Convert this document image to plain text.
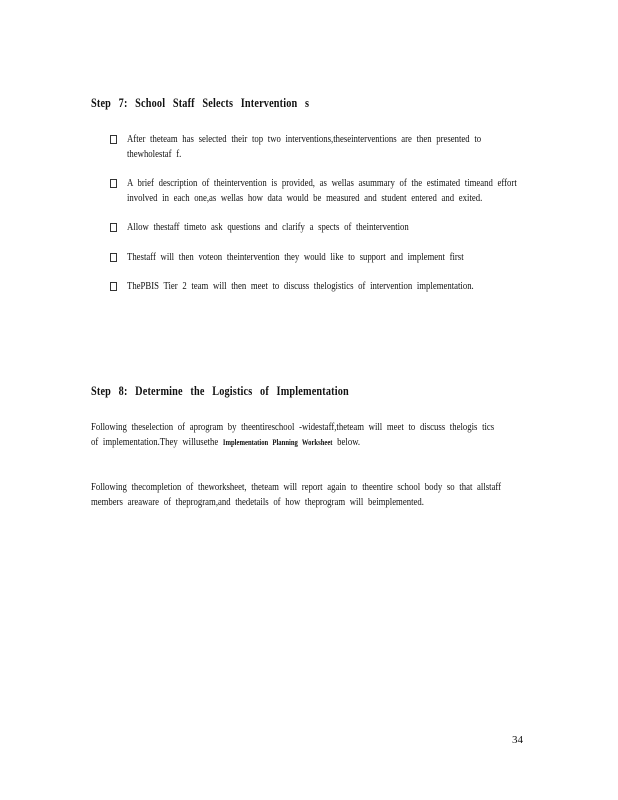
Step 7: School Staff Selects Intervention s
After theteam has selected their top two interventions,theseinterventions are then presented to thewholestaf f.
A brief description of theintervention is provided, as wellas asummary of the estimated timeand effort involved in each one,as wellas how data would be measured and student entered and exited.
Allow thestaff timeto ask questions and clarify a spects of theintervention
Thestaff will then voteon theintervention they would like to support and implement first
ThePBIS Tier 2 team will then meet to discuss thelogistics of intervention implementation.
Step 8: Determine the Logistics of Implementation
Following theselection of aprogram by theentireschool -widestaff,theteam will meet to discuss thelogis tics of implementation.They willusethe Implementation Planning Worksheet below.
Following thecompletion of theworksheet, theteam will report again to theentire school body so that allstaff members areaware of theprogram,and thedetails of how theprogram will beimplemented.
34
